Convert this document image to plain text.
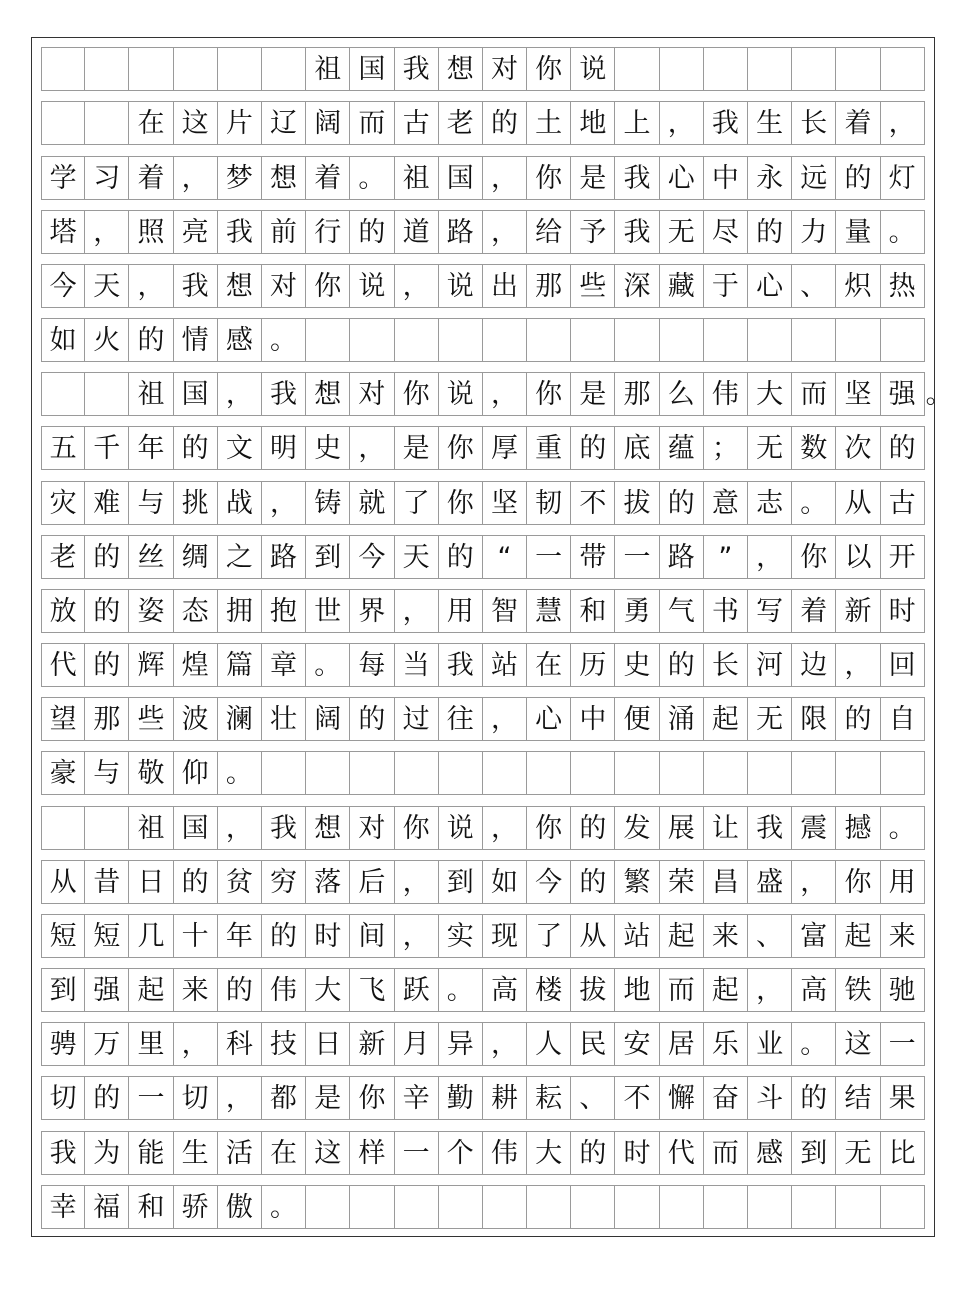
祖 国 我 想 对 你 说
在 这 片 辽 阔 而 古 老 的 土 地 上 ， 我 生 长 着 ，
学 习 着 ， 梦 想 着 。 祖 国 ， 你 是 我 心 中 永 远 的 灯
塔 ， 照 亮 我 前 行 的 道 路 ， 给 予 我 无 尽 的 力 量 。
今 天 ， 我 想 对 你 说 ， 说 出 那 些 深 藏 于 心 、 炽 热
如 火 的 情 感 。
祖 国 ， 我 想 对 你 说 ， 你 是 那 么 伟 大 而 坚 强 。
五 千 年 的 文 明 史 ， 是 你 厚 重 的 底 蕴 ； 无 数 次 的
灾 难 与 挑 战 ， 铸 就 了 你 坚 韧 不 拔 的 意 志 。 从 古
老 的 丝 绸 之 路 到 今 天 的 “ 一 带 一 路 ” ， 你 以 开
放 的 姿 态 拥 抱 世 界 ， 用 智 慧 和 勇 气 书 写 着 新 时
代 的 辉 煌 篇 章 。 每 当 我 站 在 历 史 的 长 河 边 ， 回
望 那 些 波 澜 壮 阔 的 过 往 ， 心 中 便 涌 起 无 限 的 自
豪 与 敬 仰 。
祖 国 ， 我 想 对 你 说 ， 你 的 发 展 让 我 震 撼 。
从 昔 日 的 贫 穷 落 后 ， 到 如 今 的 繁 荣 昌 盛 ， 你 用
短 短 几 十 年 的 时 间 ， 实 现 了 从 站 起 来 、 富 起 来
到 强 起 来 的 伟 大 飞 跃 。 高 楼 拔 地 而 起 ， 高 铁 驰
骋 万 里 ， 科 技 日 新 月 异 ， 人 民 安 居 乐 业 。 这 一
切 的 一 切 ， 都 是 你 辛 勤 耕 耘 、 不 懈 奋 斗 的 结 果
我 为 能 生 活 在 这 样 一 个 伟 大 的 时 代 而 感 到 无 比
幸 福 和 骄 傲 。
